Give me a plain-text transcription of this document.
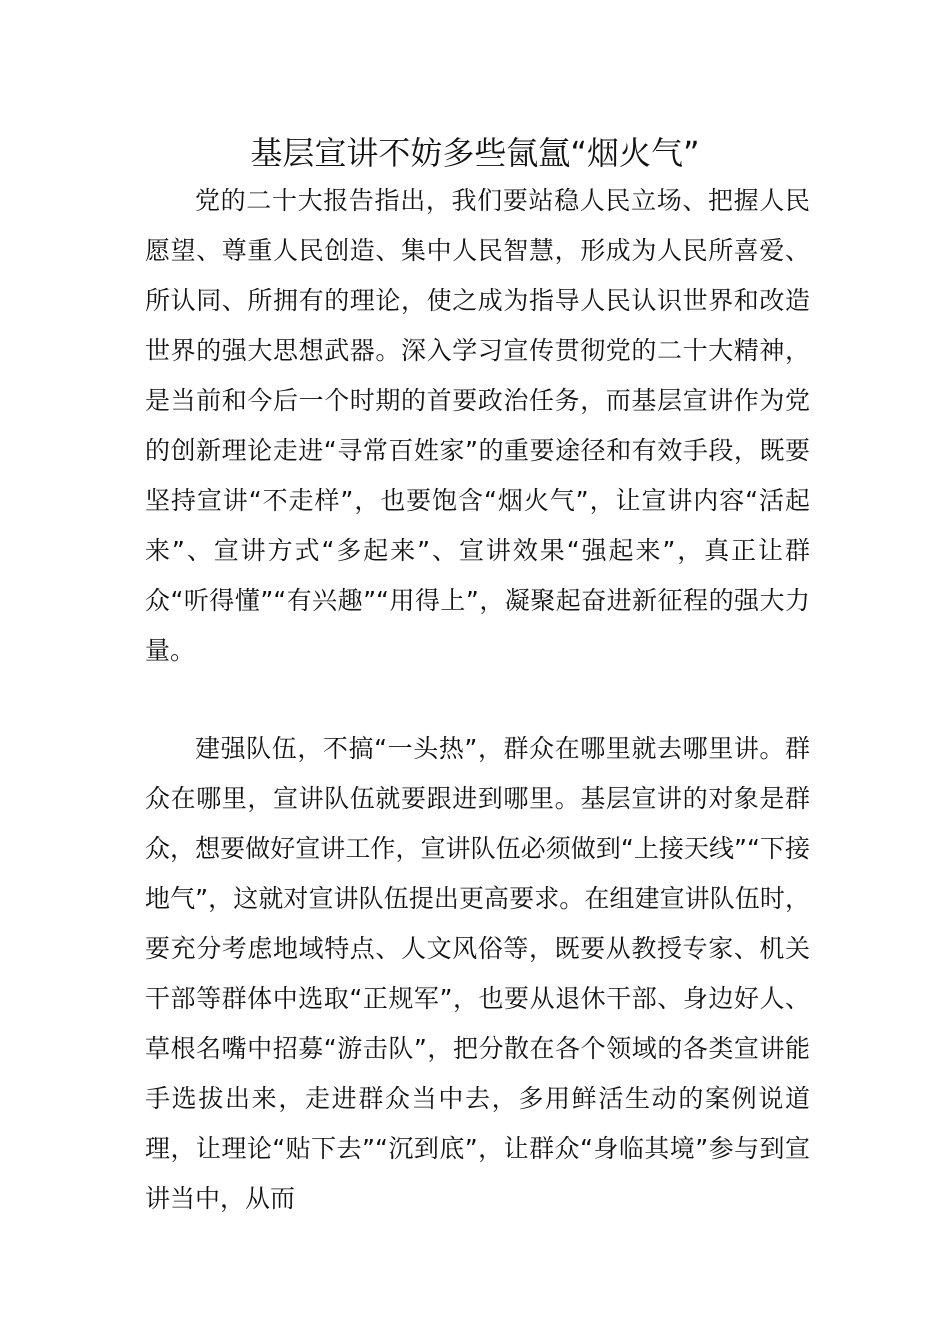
基层宣讲不妨多些氤氲“烟火气”

党的二十大报告指出，我们要站稳人民立场、把握人民愿望、尊重人民创造、集中人民智慧，形成为人民所喜爱、所认同、所拥有的理论，使之成为指导人民认识世界和改造世界的强大思想武器。深入学习宣传贯彻党的二十大精神，是当前和今后一个时期的首要政治任务，而基层宣讲作为党的创新理论走进“寻常百姓家”的重要途径和有效手段，既要坚持宣讲“不走样”，也要饱含“烟火气”，让宣讲内容“活起来”、宣讲方式“多起来”、宣讲效果“强起来”，真正让群众“听得懂”“有兴趣”“用得上”，凝聚起奋进新征程的强大力量。

建强队伍，不搞“一头热”，群众在哪里就去哪里讲。群众在哪里，宣讲队伍就要跟进到哪里。基层宣讲的对象是群众，想要做好宣讲工作，宣讲队伍必须做到“上接天线”“下接地气”，这就对宣讲队伍提出更高要求。在组建宣讲队伍时，要充分考虑地域特点、人文风俗等，既要从教授专家、机关干部等群体中选取“正规军”，也要从退休干部、身边好人、草根名嘴中招募“游击队”，把分散在各个领域的各类宣讲能手选拔出来，走进群众当中去，多用鲜活生动的案例说道理，让理论“贴下去”“沉到底”，让群众“身临其境”参与到宣讲当中，从而
